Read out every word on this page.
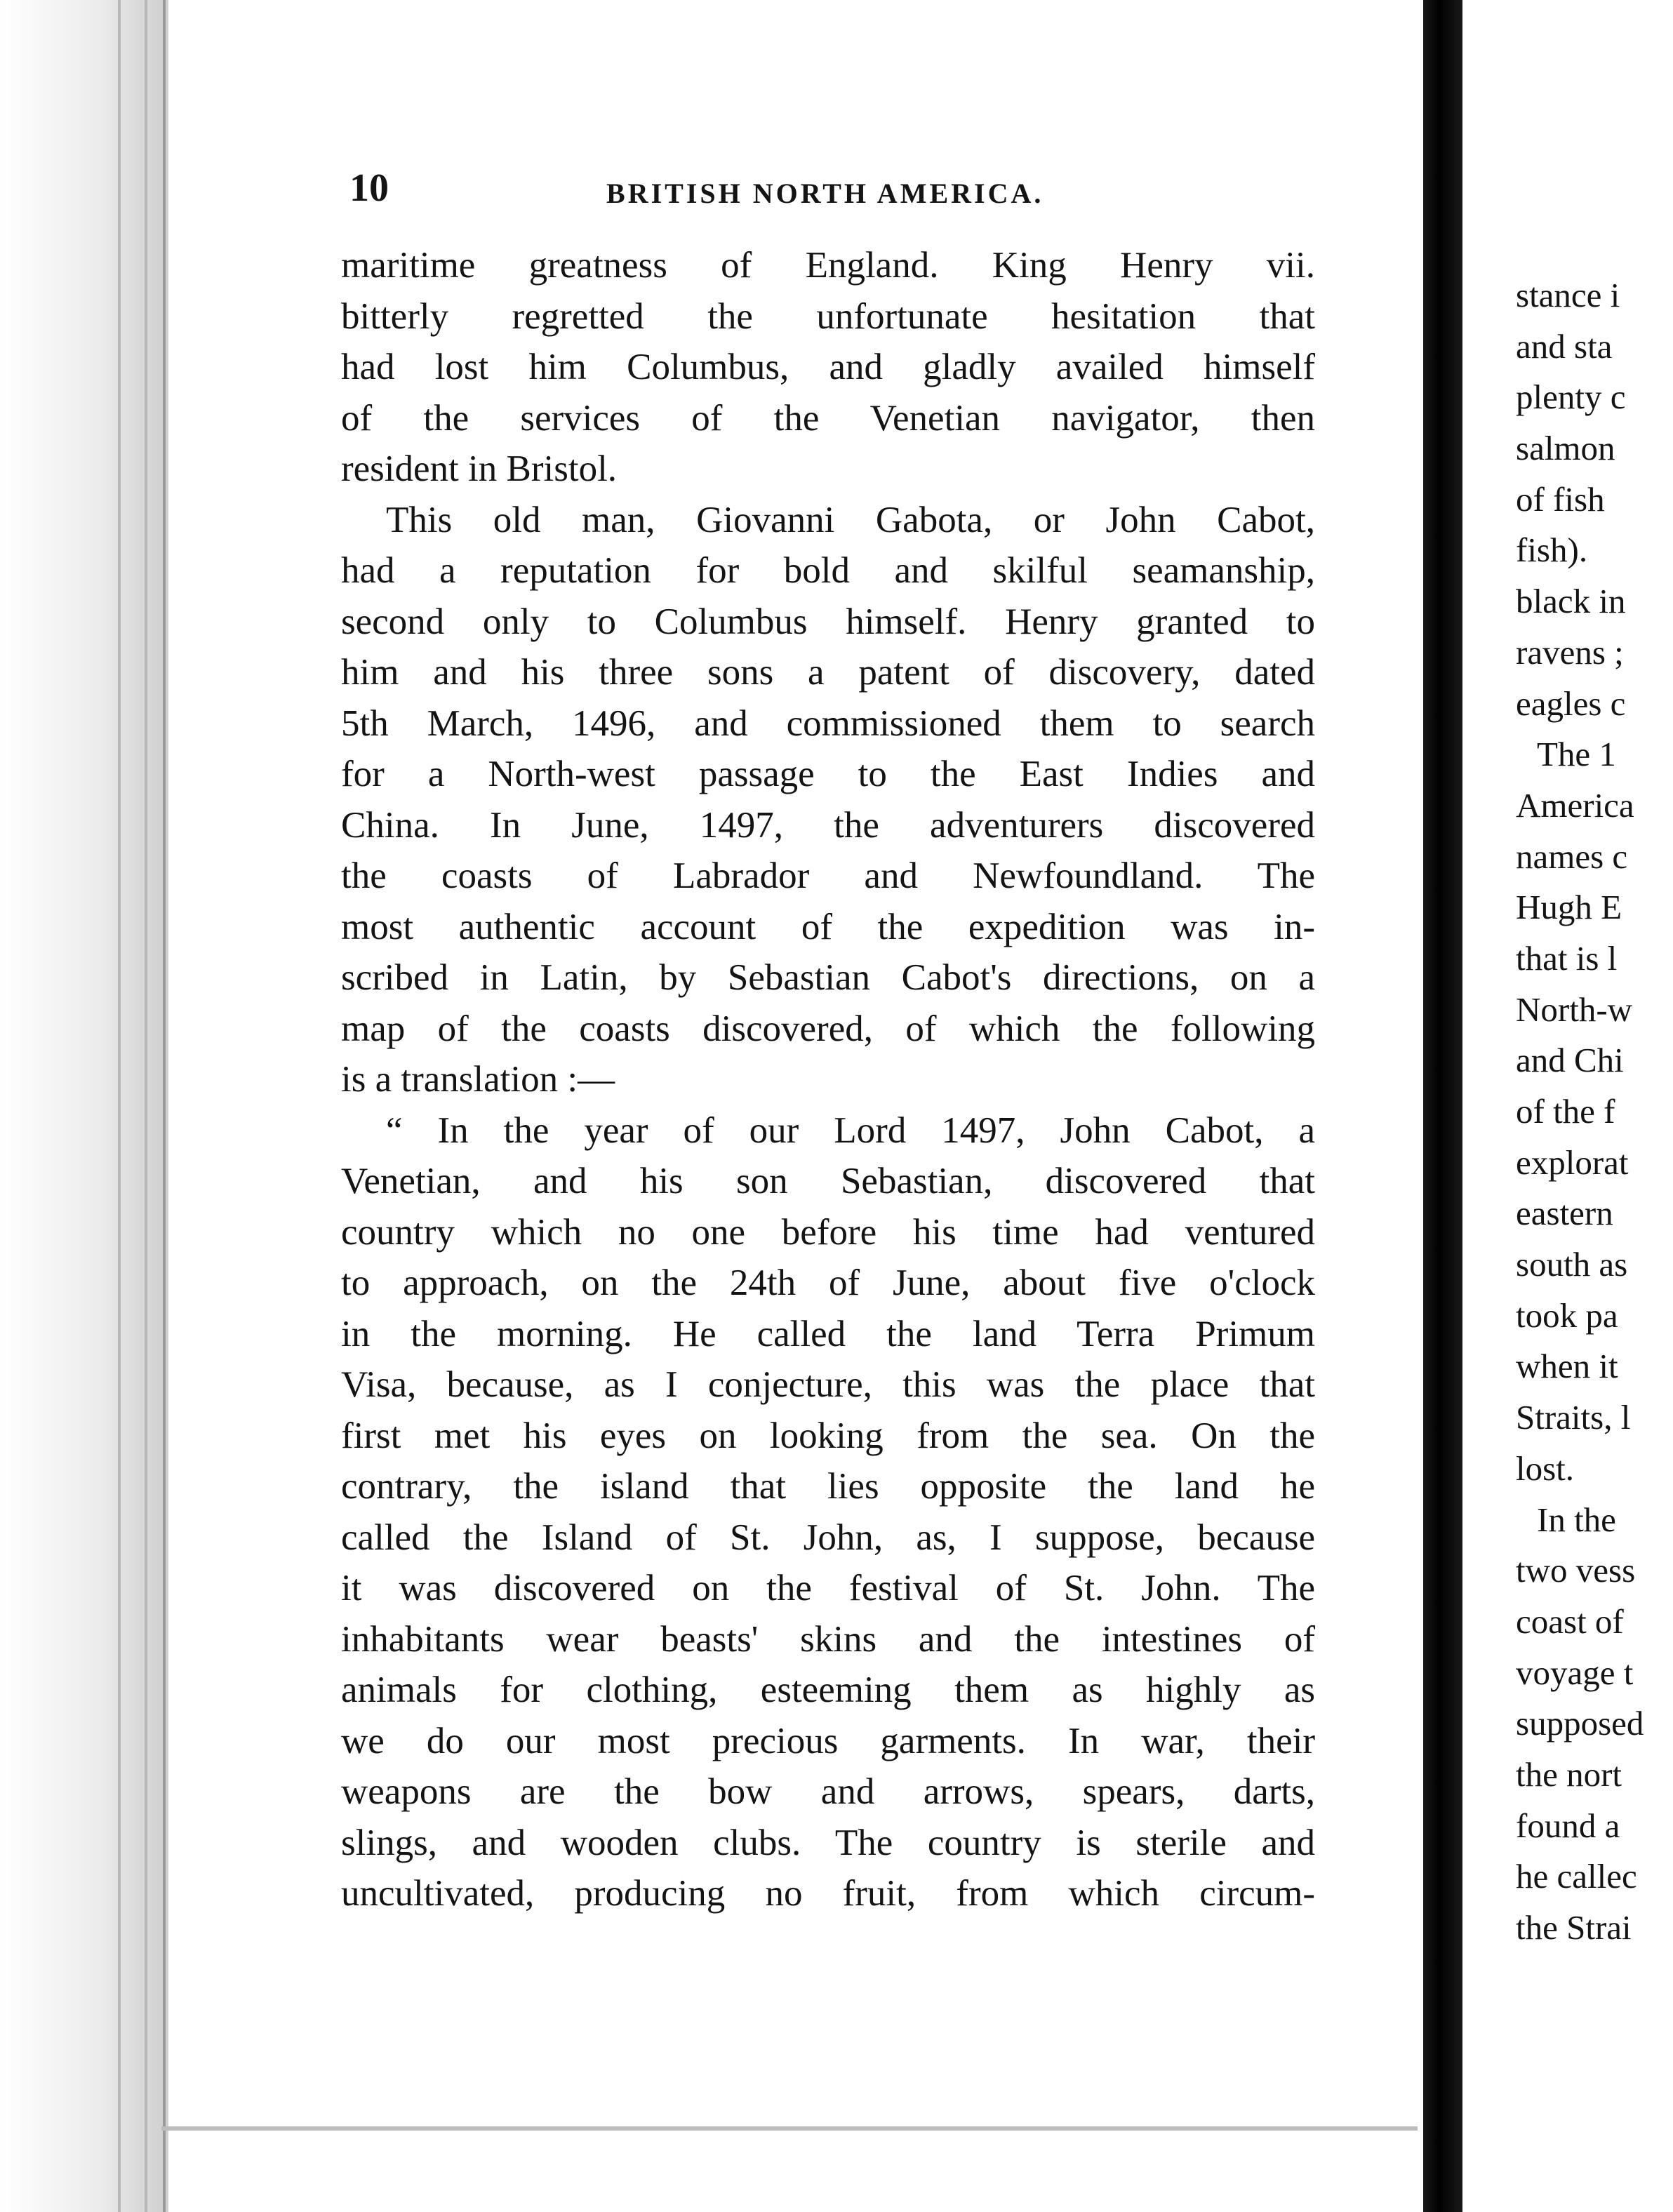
10	BRITISH NORTH AMERICA.
maritime greatness of England. King Henry vii.
bitterly regretted the unfortunate hesitation that
had lost him Columbus, and gladly availed himself
of the services of the Venetian navigator, then
resident in Bristol.
This old man, Giovanni Gabota, or John Cabot,
had a reputation for bold and skilful seamanship,
second only to Columbus himself. Henry granted to
him and his three sons a patent of discovery, dated
5th March, 1496, and commissioned them to search
for a North-west passage to the East Indies and
China. In June, 1497, the adventurers discovered
the coasts of Labrador and Newfoundland. The
most authentic account of the expedition was in-
scribed in Latin, by Sebastian Cabot's directions, on a
map of the coasts discovered, of which the following
is a translation :—
“ In the year of our Lord 1497, John Cabot, a
Venetian, and his son Sebastian, discovered that
country which no one before his time had ventured
to approach, on the 24th of June, about five o'clock
in the morning. He called the land Terra Primum
Visa, because, as I conjecture, this was the place that
first met his eyes on looking from the sea. On the
contrary, the island that lies opposite the land he
called the Island of St. John, as, I suppose, because
it was discovered on the festival of St. John. The
inhabitants wear beasts' skins and the intestines of
animals for clothing, esteeming them as highly as
we do our most precious garments. In war, their
weapons are the bow and arrows, spears, darts,
slings, and wooden clubs. The country is sterile and
uncultivated, producing no fruit, from which circum-
stance i
and sta
plenty c
salmon
of fish
fish).
black in
ravens ;
eagles c
The 1
America
names c
Hugh E
that is l
North-w
and Chi
of the f
explorat
eastern
south as
took pa
when it
Straits, l
lost.
In the
two vess
coast of
voyage t
supposed
the nort
found a
he callec
the Strai
